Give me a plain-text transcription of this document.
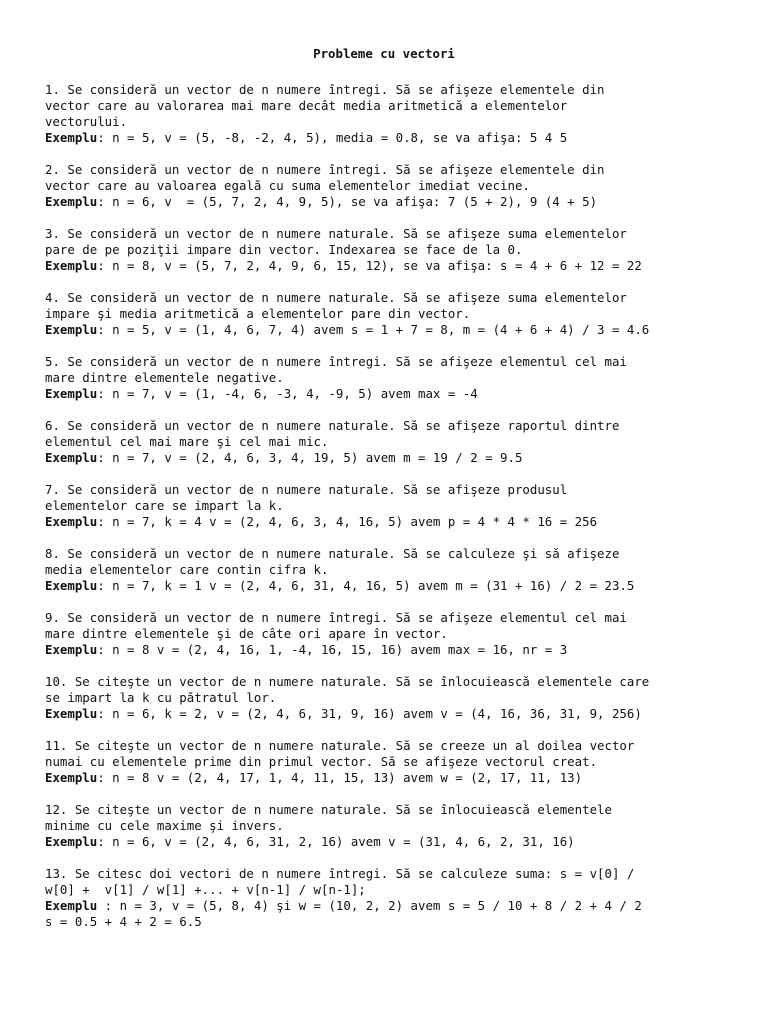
Probleme cu vectori
1. Se consideră un vector de n numere întregi. Să se afişeze elementele din
vector care au valorarea mai mare decât media aritmetică a elementelor
vectorului.
Exemplu: n = 5, v = (5, -8, -2, 4, 5), media = 0.8, se va afişa: 5 4 5
2. Se consideră un vector de n numere întregi. Să se afişeze elementele din
vector care au valoarea egală cu suma elementelor imediat vecine.
Exemplu: n = 6, v  = (5, 7, 2, 4, 9, 5), se va afişa: 7 (5 + 2), 9 (4 + 5)
3. Se consideră un vector de n numere naturale. Să se afişeze suma elementelor
pare de pe poziţii impare din vector. Indexarea se face de la 0.
Exemplu: n = 8, v = (5, 7, 2, 4, 9, 6, 15, 12), se va afişa: s = 4 + 6 + 12 = 22
4. Se consideră un vector de n numere naturale. Să se afişeze suma elementelor
impare şi media aritmetică a elementelor pare din vector.
Exemplu: n = 5, v = (1, 4, 6, 7, 4) avem s = 1 + 7 = 8, m = (4 + 6 + 4) / 3 = 4.6
5. Se consideră un vector de n numere întregi. Să se afişeze elementul cel mai
mare dintre elementele negative.
Exemplu: n = 7, v = (1, -4, 6, -3, 4, -9, 5) avem max = -4
6. Se consideră un vector de n numere naturale. Să se afişeze raportul dintre
elementul cel mai mare şi cel mai mic.
Exemplu: n = 7, v = (2, 4, 6, 3, 4, 19, 5) avem m = 19 / 2 = 9.5
7. Se consideră un vector de n numere naturale. Să se afişeze produsul
elementelor care se impart la k.
Exemplu: n = 7, k = 4 v = (2, 4, 6, 3, 4, 16, 5) avem p = 4 * 4 * 16 = 256
8. Se consideră un vector de n numere naturale. Să se calculeze şi să afişeze
media elementelor care contin cifra k.
Exemplu: n = 7, k = 1 v = (2, 4, 6, 31, 4, 16, 5) avem m = (31 + 16) / 2 = 23.5
9. Se consideră un vector de n numere întregi. Să se afişeze elementul cel mai
mare dintre elementele şi de câte ori apare în vector.
Exemplu: n = 8 v = (2, 4, 16, 1, -4, 16, 15, 16) avem max = 16, nr = 3
10. Se citeşte un vector de n numere naturale. Să se înlocuiească elementele care
se impart la k cu pătratul lor.
Exemplu: n = 6, k = 2, v = (2, 4, 6, 31, 9, 16) avem v = (4, 16, 36, 31, 9, 256)
11. Se citeşte un vector de n numere naturale. Să se creeze un al doilea vector
numai cu elementele prime din primul vector. Să se afişeze vectorul creat.
Exemplu: n = 8 v = (2, 4, 17, 1, 4, 11, 15, 13) avem w = (2, 17, 11, 13)
12. Se citeşte un vector de n numere naturale. Să se înlocuiească elementele
minime cu cele maxime şi invers.
Exemplu: n = 6, v = (2, 4, 6, 31, 2, 16) avem v = (31, 4, 6, 2, 31, 16)
13. Se citesc doi vectori de n numere întregi. Să se calculeze suma: s = v[0] /
w[0] +  v[1] / w[1] +... + v[n-1] / w[n-1];
Exemplu : n = 3, v = (5, 8, 4) şi w = (10, 2, 2) avem s = 5 / 10 + 8 / 2 + 4 / 2
s = 0.5 + 4 + 2 = 6.5
